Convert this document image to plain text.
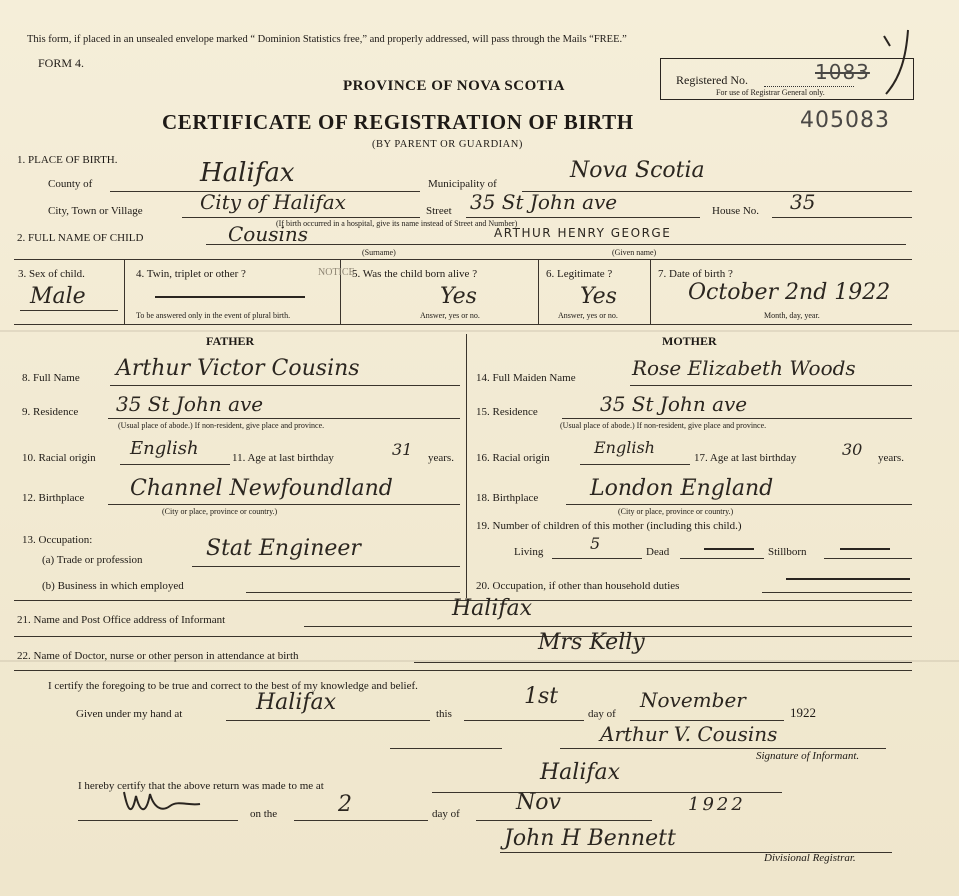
This form, if placed in an unsealed envelope marked “ Dominion Statistics free,” and properly addressed, will pass through the Mails “FREE.”
FORM 4.
PROVINCE OF NOVA SCOTIA	Registered No.	1083
For use of Registrar General only.
CERTIFICATE OF REGISTRATION OF BIRTH
(BY PARENT OR GUARDIAN)
405083
1. PLACE OF BIRTH.
County of	Halifax	Municipality of
Nova Scotia
City, Town or Village	City of Halifax	Street 35 St John ave	House No. 35
(If birth occurred in a hospital, give its name instead of Street and Number)
2. FULL NAME OF CHILD	Cousins
(Surname)
ARTHUR HENRY GEORGE
(Given name)
3. Sex of child.
Male
4. Twin, triplet or other ?
To be answered only in the event of plural birth.
5. Was the child born alive ?
Yes
Answer, yes or no.
6. Legitimate ?
Yes
Answer, yes or no.
7. Date of birth ?
October 2nd 1922
Month, day, year.
NOTICE
FATHER
8. Full Name Arthur Victor Cousins
9. Residence 35 St John ave
(Usual place of abode.) If non-resident, give place and province.
10. Racial origin English	11. Age at last birthday	31 years.
12. Birthplace Channel Newfoundland
(City or place, province or country.)
13. Occupation:
(a) Trade or profession	Stat Engineer
(b) Business in which employed
MOTHER
14. Full Maiden Name	Rose Elizabeth Woods
15. Residence	35 St John ave
(Usual place of abode.) If non-resident, give place and province.
16. Racial origin
English
17. Age at last birthday	30 years.
18. Birthplace London England
(City or place, province or country.)
19. Number of children of this mother (including this child.)
Living	5	Dead	Stillborn
20. Occupation, if other than household duties
21. Name and Post Office address of Informant	Halifax
22. Name of Doctor, nurse or other person in attendance at birth
Mrs Kelly
I certify the foregoing to be true and correct to the best of my knowledge and belief.
Given under my hand at	Halifax	this
1st
day of
November
1922
Arthur V. Cousins
Signature of Informant.
I hereby certify that the above return was made to me at
Halifax
on the	2	day of	Nov	1922
John H Bennett
Divisional Registrar.
